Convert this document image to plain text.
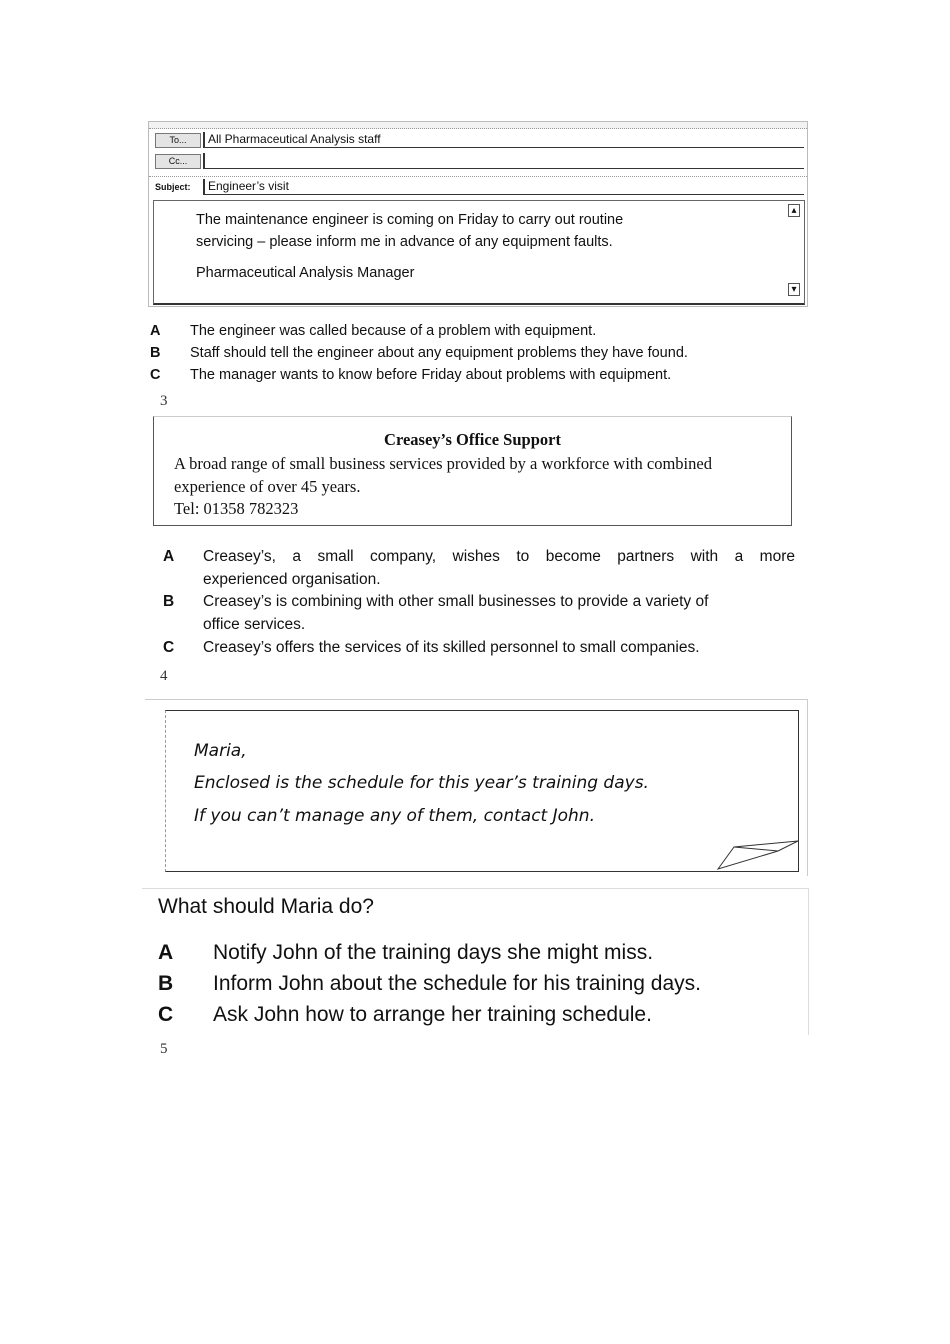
To...	All Pharmaceutical Analysis staff
Cc...
Subject:	Engineer’s visit
The maintenance engineer is coming on Friday to carry out routine
servicing – please inform me in advance of any equipment faults.
Pharmaceutical Analysis Manager
▴
▾
A The engineer was called because of a problem with equipment.
B Staff should tell the engineer about any equipment problems they have found.
C The manager wants to know before Friday about problems with equipment.
3
Creasey’s Office Support
A broad range of small business services provided by a workforce with combined
experience of over 45 years.
Tel: 01358 782323
A Creasey’s, a small company, wishes to become partners with a more
experienced organisation.
B Creasey’s is combining with other small businesses to provide a variety of
office services.
C Creasey’s offers the services of its skilled personnel to small companies.
4
Maria,
Enclosed is the schedule for this year’s training days.
If you can’t manage any of them, contact John.
What should Maria do?
A Notify John of the training days she might miss.
B Inform John about the schedule for his training days.
C Ask John how to arrange her training schedule.
5
